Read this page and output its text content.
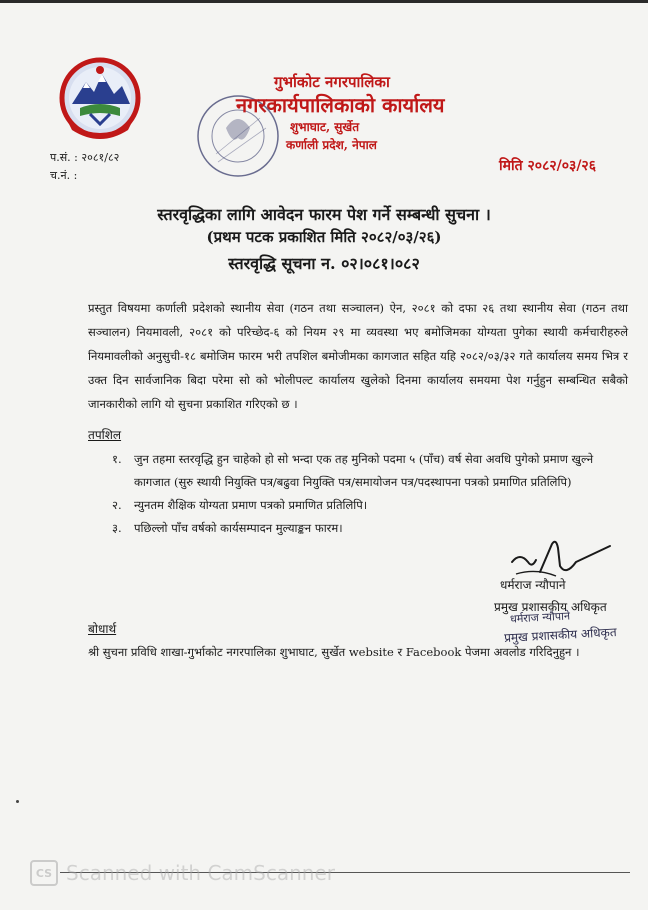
गुर्भाकोट नगरपालिका
नगरकार्यपालिकाको कार्यालय
शुभाघाट, सुर्खेत
कर्णाली प्रदेश, नेपाल
प.सं. : २०८१/८२
च.नं. :
मिति २०८२/०३/२६
स्तरवृद्धिका लागि आवेदन फारम पेश गर्ने सम्बन्धी सुचना ।
(प्रथम पटक प्रकाशित मिति २०८२/०३/२६)
स्तरवृद्धि सूचना न. ०२।०८१।०८२
प्रस्तुत विषयमा कर्णाली प्रदेशको स्थानीय सेवा (गठन तथा सञ्चालन) ऐन, २०८१ को दफा २६ तथा स्थानीय सेवा (गठन तथा सञ्चालन) नियमावली, २०८१ को परिच्छेद-६ को नियम २९ मा व्यवस्था भए बमोजिमका योग्यता पुगेका स्थायी कर्मचारीहरुले नियमावलीको अनुसुची-१८ बमोजिम फारम भरी तपशिल बमोजीमका कागजात सहित यहि २०८२/०३/३२ गते कार्यालय समय भित्र र उक्त दिन सार्वजानिक बिदा परेमा सो को भोलीपल्ट कार्यालय खुलेको दिनमा कार्यालय समयमा पेश गर्नुहुन सम्बन्धित सबैको जानकारीको लागि यो सुचना प्रकाशित गरिएको छ ।
तपशिल
१. जुन तहमा स्तरवृद्धि हुन चाहेको हो सो भन्दा एक तह मुनिको पदमा ५ (पाँच) वर्ष सेवा अवधि पुगेको प्रमाण खुल्ने कागजात (सुरु स्थायी नियुक्ति पत्र/बढुवा नियुक्ति पत्र/समायोजन पत्र/पदस्थापना पत्रको प्रमाणित प्रतिलिपि)
२. न्युनतम शैक्षिक योग्यता प्रमाण पत्रको प्रमाणित प्रतिलिपि।
३. पछिल्लो पाँच वर्षको कार्यसम्पादन मुल्याङ्कन फारम।
धर्मराज न्यौपाने
प्रमुख प्रशासकीय अधिकृत
धर्मराज न्यौपाने
प्रमुख प्रशासकीय अधिकृत
बोधार्थ
श्री सुचना प्रविधि शाखा-गुर्भाकोट नगरपालिका शुभाघाट, सुर्खेत website र Facebook पेजमा अवलोड गरिदिनुहुन ।
CS Scanned with CamScanner
